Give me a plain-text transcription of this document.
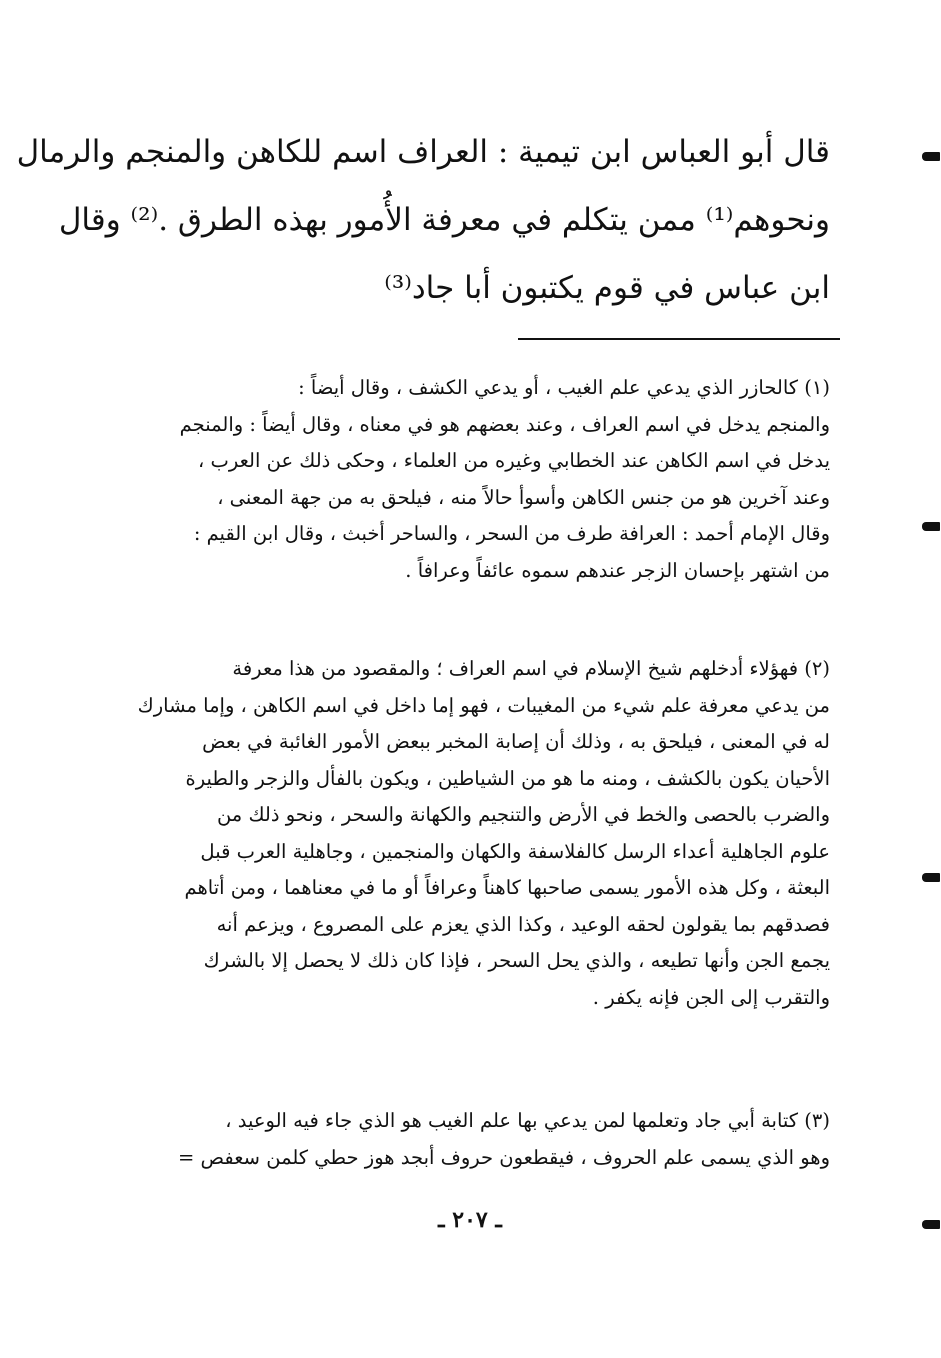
قال أبو العباس ابن تيمية : العراف اسم للكاهن والمنجم والرمال
ونحوهم⁽¹⁾ ممن يتكلم في معرفة الأُمور بهذه الطرق .⁽²⁾ وقال
ابن عباس في قوم يكتبون أبا جاد⁽³⁾
(١) كالحازر الذي يدعي علم الغيب ، أو يدعي الكشف ، وقال أيضاً :
والمنجم يدخل في اسم العراف ، وعند بعضهم هو في معناه ، وقال أيضاً : والمنجم
يدخل في اسم الكاهن عند الخطابي وغيره من العلماء ، وحكى ذلك عن العرب ،
وعند آخرين هو من جنس الكاهن وأسوأ حالاً منه ، فيلحق به من جهة المعنى ،
وقال الإمام أحمد : العرافة طرف من السحر ، والساحر أخبث ، وقال ابن القيم :
من اشتهر بإحسان الزجر عندهم سموه عائفاً وعرافاً .
(٢) فهؤلاء أدخلهم شيخ الإسلام في اسم العراف ؛ والمقصود من هذا معرفة
من يدعي معرفة علم شيء من المغيبات ، فهو إما داخل في اسم الكاهن ، وإما مشارك
له في المعنى ، فيلحق به ، وذلك أن إصابة المخبر ببعض الأمور الغائبة في بعض
الأحيان يكون بالكشف ، ومنه ما هو من الشياطين ، ويكون بالفأل والزجر والطيرة
والضرب بالحصى والخط في الأرض والتنجيم والكهانة والسحر ، ونحو ذلك من
علوم الجاهلية أعداء الرسل كالفلاسفة والكهان والمنجمين ، وجاهلية العرب قبل
البعثة ، وكل هذه الأمور يسمى صاحبها كاهناً وعرافاً أو ما في معناهما ، ومن أتاهم
فصدقهم بما يقولون لحقه الوعيد ، وكذا الذي يعزم على المصروع ، ويزعم أنه
يجمع الجن وأنها تطيعه ، والذي يحل السحر ، فإذا كان ذلك لا يحصل إلا بالشرك
والتقرب إلى الجن فإنه يكفر .
(٣) كتابة أبي جاد وتعلمها لمن يدعي بها علم الغيب هو الذي جاء فيه الوعيد ،
وهو الذي يسمى علم الحروف ، فيقطعون حروف أبجد هوز حطي كلمن سعفص =
ـ ٢٠٧ ـ
